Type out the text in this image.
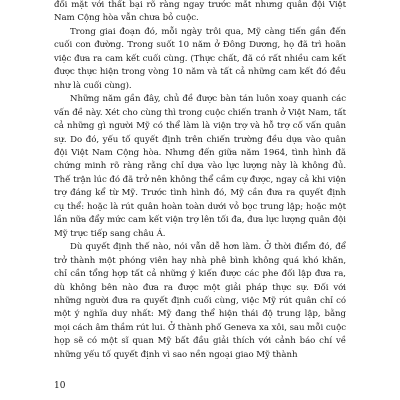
đối mặt với thất bại rõ ràng ngay trước mắt nhưng quân đội Việt Nam Cộng hòa vẫn chưa bỏ cuộc.

Trong giai đoạn đó, mỗi ngày trôi qua, Mỹ càng tiến gần đến cuối con đường. Trong suốt 10 năm ở Đông Dương, họ đã trì hoãn việc đưa ra cam kết cuối cùng. (Thực chất, đã có rất nhiều cam kết được thực hiện trong vòng 10 năm và tất cả những cam kết đó đều như là cuối cùng).

Những năm gần đây, chủ đề được bàn tán luôn xoay quanh các vấn đề này. Xét cho cùng thì trong cuộc chiến tranh ở Việt Nam, tất cả những gì người Mỹ có thể làm là viện trợ và hỗ trợ cố vấn quân sự. Do đó, yếu tố quyết định trên chiến trường đều dựa vào quân đội Việt Nam Cộng hòa. Nhưng đến giữa năm 1964, tình hình đã chứng minh rõ ràng rằng chỉ dựa vào lực lượng này là không đủ. Thế trận lúc đó đã trở nên không thể cầm cự được, ngay cả khi viện trợ đáng kể từ Mỹ. Trước tình hình đó, Mỹ cần đưa ra quyết định cụ thể: hoặc là rút quân hoàn toàn dưới vỏ bọc trung lập; hoặc một lần nữa đẩy mức cam kết viện trợ lên tối đa, đưa lực lượng quân đội Mỹ trực tiếp sang châu Á.

Dù quyết định thế nào, nói vẫn dễ hơn làm. Ở thời điểm đó, để trở thành một phóng viên hay nhà phê bình không quá khó khăn, chỉ cần tổng hợp tất cả những ý kiến được các phe đối lập đưa ra, dù không bên nào đưa ra được một giải pháp thực sự. Đối với những người đưa ra quyết định cuối cùng, việc Mỹ rút quân chỉ có một ý nghĩa duy nhất: Mỹ đang thể hiện thái độ trung lập, bằng mọi cách âm thầm rút lui. Ở thành phố Geneva xa xôi, sau mỗi cuộc họp sẽ có một sĩ quan Mỹ bất đầu giải thích với cảnh báo chí về những yếu tố quyết định vì sao nền ngoại giao Mỹ thành

10
